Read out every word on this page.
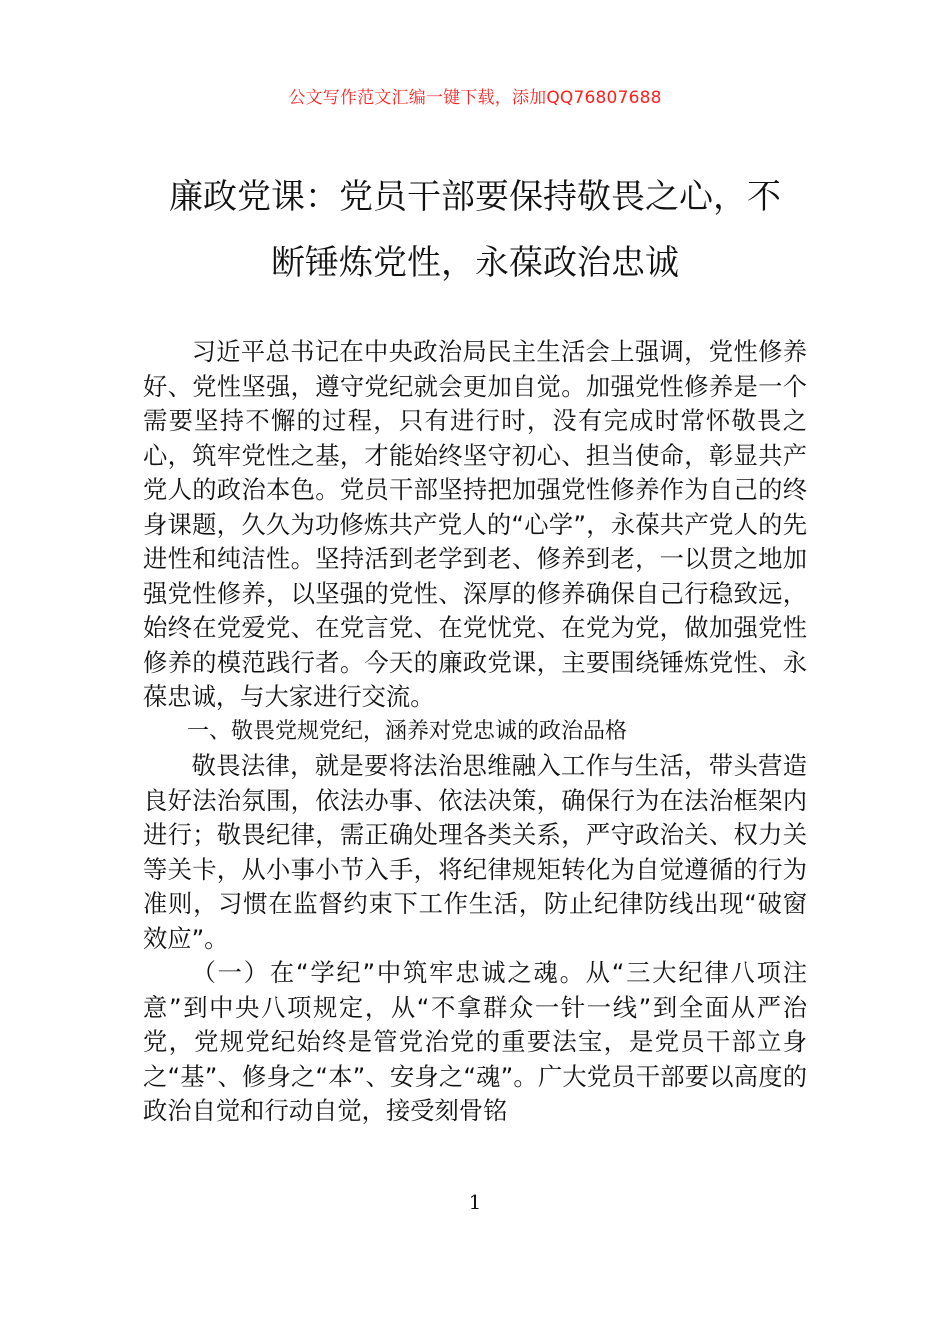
公文写作范文汇编一键下载，添加QQ76807688
廉政党课：党员干部要保持敬畏之心，不
断锤炼党性，永葆政治忠诚

习近平总书记在中央政治局民主生活会上强调，党性修养好、党性坚强，遵守党纪就会更加自觉。加强党性修养是一个需要坚持不懈的过程，只有进行时，没有完成时常怀敬畏之心，筑牢党性之基，才能始终坚守初心、担当使命，彰显共产党人的政治本色。党员干部坚持把加强党性修养作为自己的终身课题，久久为功修炼共产党人的“心学”，永葆共产党人的先进性和纯洁性。坚持活到老学到老、修养到老，一以贯之地加强党性修养，以坚强的党性、深厚的修养确保自己行稳致远，始终在党爱党、在党言党、在党忧党、在党为党，做加强党性修养的模范践行者。今天的廉政党课，主要围绕锤炼党性、永葆忠诚，与大家进行交流。

一、敬畏党规党纪，涵养对党忠诚的政治品格

敬畏法律，就是要将法治思维融入工作与生活，带头营造良好法治氛围，依法办事、依法决策，确保行为在法治框架内进行；敬畏纪律，需正确处理各类关系，严守政治关、权力关等关卡，从小事小节入手，将纪律规矩转化为自觉遵循的行为准则，习惯在监督约束下工作生活，防止纪律防线出现“破窗效应”。

（一）在“学纪”中筑牢忠诚之魂。从“三大纪律八项注意”到中央八项规定，从“不拿群众一针一线”到全面从严治党，党规党纪始终是管党治党的重要法宝，是党员干部立身之“基”、修身之“本”、安身之“魂”。广大党员干部要以高度的政治自觉和行动自觉，接受刻骨铭

1
